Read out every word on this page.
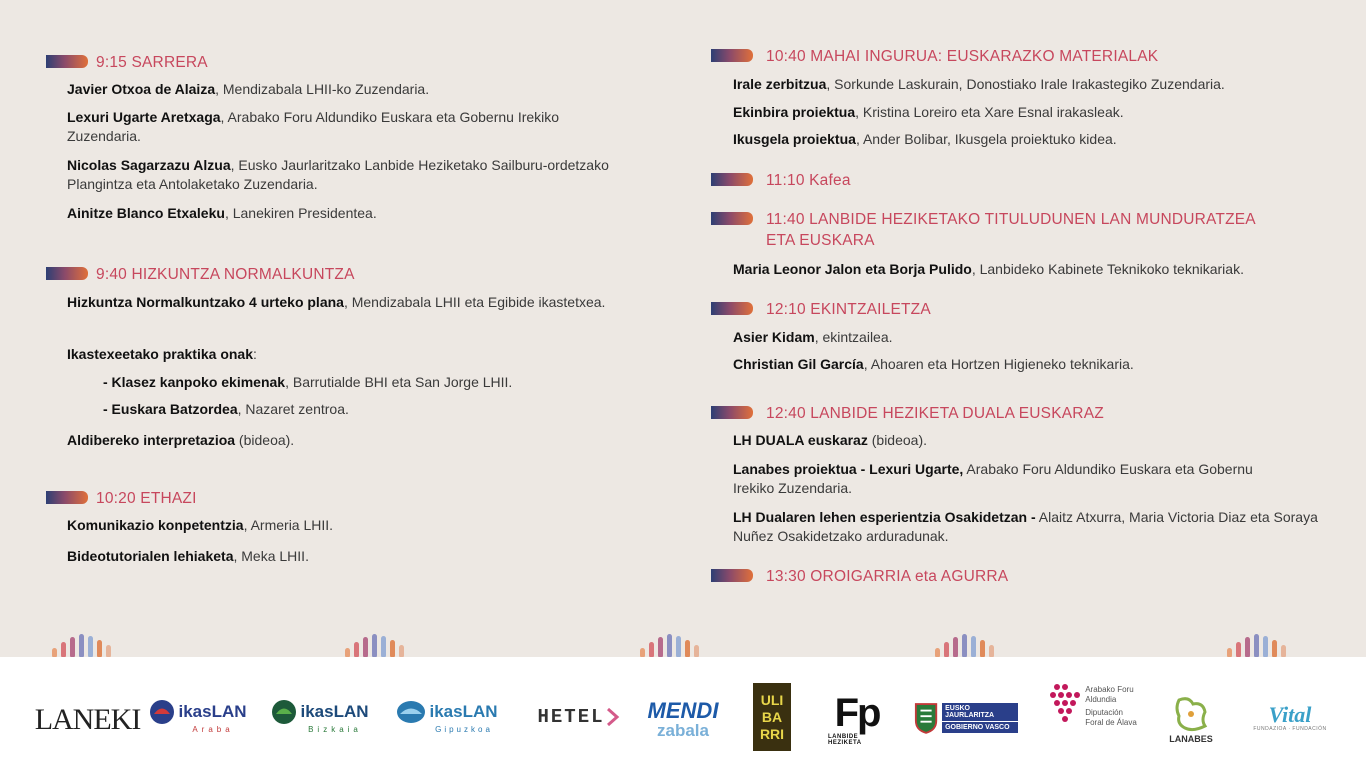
9:15 SARRERA
Javier Otxoa de Alaiza, Mendizabala LHII-ko Zuzendaria.
Lexuri Ugarte Aretxaga, Arabako Foru Aldundiko Euskara eta Gobernu Irekiko Zuzendaria.
Nicolas Sagarzazu Alzua, Eusko Jaurlaritzako Lanbide Heziketako Sailburu-ordetzako Plangintza eta Antolaketako Zuzendaria.
Ainitze Blanco Etxaleku, Lanekiren Presidentea.
9:40 HIZKUNTZA NORMALKUNTZA
Hizkuntza Normalkuntzako 4 urteko plana, Mendizabala LHII eta Egibide ikastetxea.
Ikastexeetako praktika onak:
- Klasez kanpoko ekimenak, Barrutialde BHI eta San Jorge LHII.
- Euskara Batzordea, Nazaret zentroa.
Aldibereko interpretazioa (bideoa).
10:20 ETHAZI
Komunikazio konpetentzia, Armeria LHII.
Bideotutorialen lehiaketa, Meka LHII.
10:40 MAHAI INGURUA: EUSKARAZKO MATERIALAK
Irale zerbitzua, Sorkunde Laskurain, Donostiako Irale Irakastegiko Zuzendaria.
Ekinbira proiektua, Kristina Loreiro eta Xare Esnal irakasleak.
Ikusgela proiektua, Ander Bolibar, Ikusgela proiektuko kidea.
11:10 Kafea
11:40 LANBIDE HEZIKETAKO TITULUDUNEN LAN MUNDURATZEA
ETA EUSKARA
Maria Leonor Jalon eta Borja Pulido, Lanbideko Kabinete Teknikoko teknikariak.
12:10 EKINTZAILETZA
Asier Kidam, ekintzailea.
Christian Gil García, Ahoaren eta Hortzen Higieneko teknikaria.
12:40 LANBIDE HEZIKETA DUALA EUSKARAZ
LH DUALA euskaraz (bideoa).
Lanabes proiektua - Lexuri Ugarte, Arabako Foru Aldundiko Euskara eta Gobernu Irekiko Zuzendaria.
LH Dualaren lehen esperientzia Osakidetzan - Alaitz Atxurra, Maria Victoria Diaz eta Soraya Nuñez Osakidetzako arduradunak.
13:30 OROIGARRIA eta AGURRA
LANEKI ikasLAN
Araba
ikasLAN
Bizkaia
ikasLAN
Gipuzkoa
HETEL MENDI
zabala
ULI BA RRI Fp
LANBIDE HEZIKETA
EUSKO JAURLARITZA
GOBIERNO VASCO
Arabako Foru
Aldundia
Diputación
Foral de Álava
LANABES
Vital
FUNDAZIOA · FUNDACIÓN
